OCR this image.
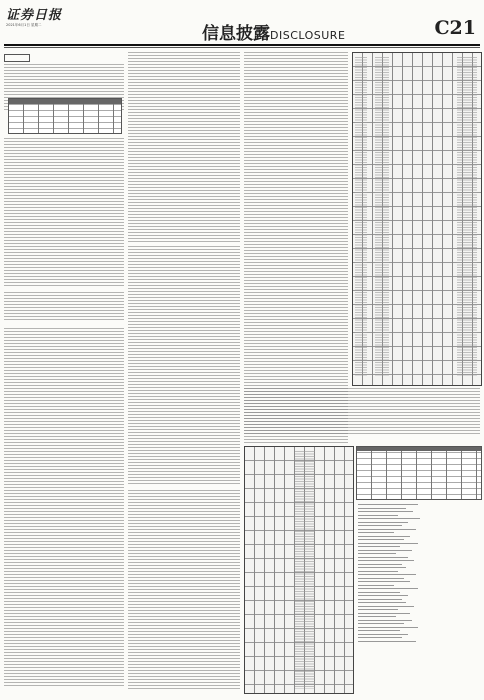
证券日报
2021年6月1日 星期二	信息披露DISCLOSURE	C21
